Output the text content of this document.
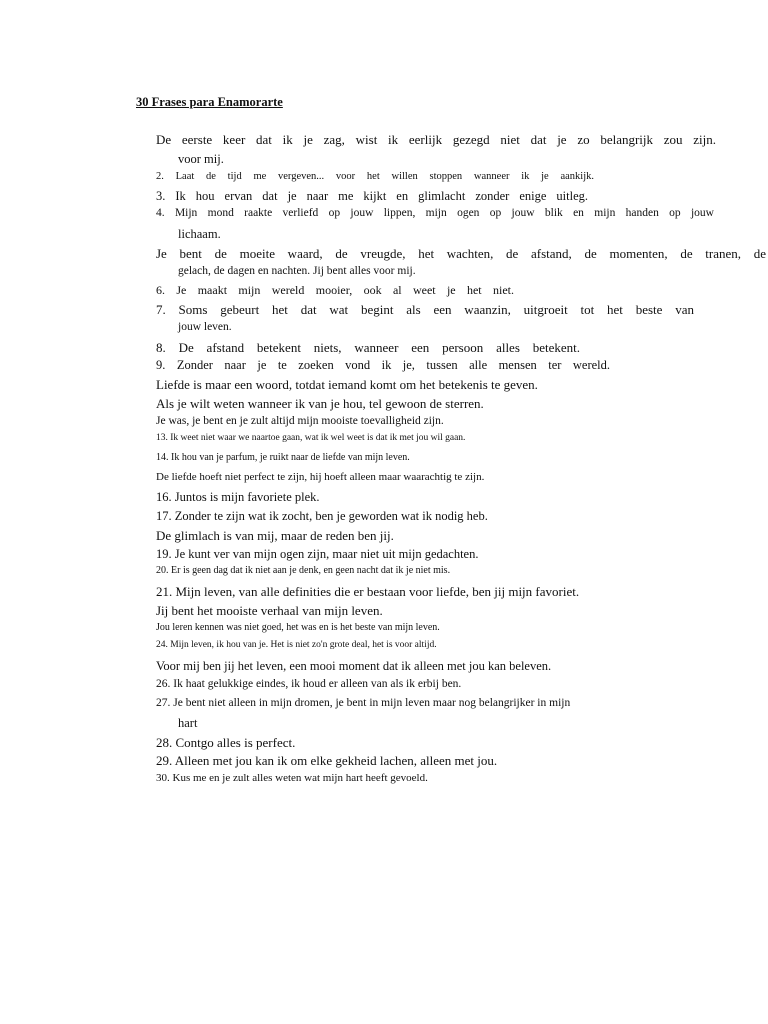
30 Frases para Enamorarte
De eerste keer dat ik je zag, wist ik eerlijk gezegd niet dat je zo belangrijk zou zijn.
voor mij.
2. Laat de tijd me vergeven... voor het willen stoppen wanneer ik je aankijk.
3. Ik hou ervan dat je naar me kijkt en glimlacht zonder enige uitleg.
4. Mijn mond raakte verliefd op jouw lippen, mijn ogen op jouw blik en mijn handen op jouw
lichaam.
Je bent de moeite waard, de vreugde, het wachten, de afstand, de momenten, de tranen, de
gelach, de dagen en nachten. Jij bent alles voor mij.
6. Je maakt mijn wereld mooier, ook al weet je het niet.
7. Soms gebeurt het dat wat begint als een waanzin, uitgroeit tot het beste van
jouw leven.
8. De afstand betekent niets, wanneer een persoon alles betekent.
9. Zonder naar je te zoeken vond ik je, tussen alle mensen ter wereld.
Liefde is maar een woord, totdat iemand komt om het betekenis te geven.
Als je wilt weten wanneer ik van je hou, tel gewoon de sterren.
Je was, je bent en je zult altijd mijn mooiste toevalligheid zijn.
13. Ik weet niet waar we naartoe gaan, wat ik wel weet is dat ik met jou wil gaan.
14. Ik hou van je parfum, je ruikt naar de liefde van mijn leven.
De liefde hoeft niet perfect te zijn, hij hoeft alleen maar waarachtig te zijn.
16. Juntos is mijn favoriete plek.
17. Zonder te zijn wat ik zocht, ben je geworden wat ik nodig heb.
De glimlach is van mij, maar de reden ben jij.
19. Je kunt ver van mijn ogen zijn, maar niet uit mijn gedachten.
20. Er is geen dag dat ik niet aan je denk, en geen nacht dat ik je niet mis.
21. Mijn leven, van alle definities die er bestaan voor liefde, ben jij mijn favoriet.
Jij bent het mooiste verhaal van mijn leven.
Jou leren kennen was niet goed, het was en is het beste van mijn leven.
24. Mijn leven, ik hou van je. Het is niet zo'n grote deal, het is voor altijd.
Voor mij ben jij het leven, een mooi moment dat ik alleen met jou kan beleven.
26. Ik haat gelukkige eindes, ik houd er alleen van als ik erbij ben.
27. Je bent niet alleen in mijn dromen, je bent in mijn leven maar nog belangrijker in mijn
hart
28. Contgo alles is perfect.
29. Alleen met jou kan ik om elke gekheid lachen, alleen met jou.
30. Kus me en je zult alles weten wat mijn hart heeft gevoeld.
